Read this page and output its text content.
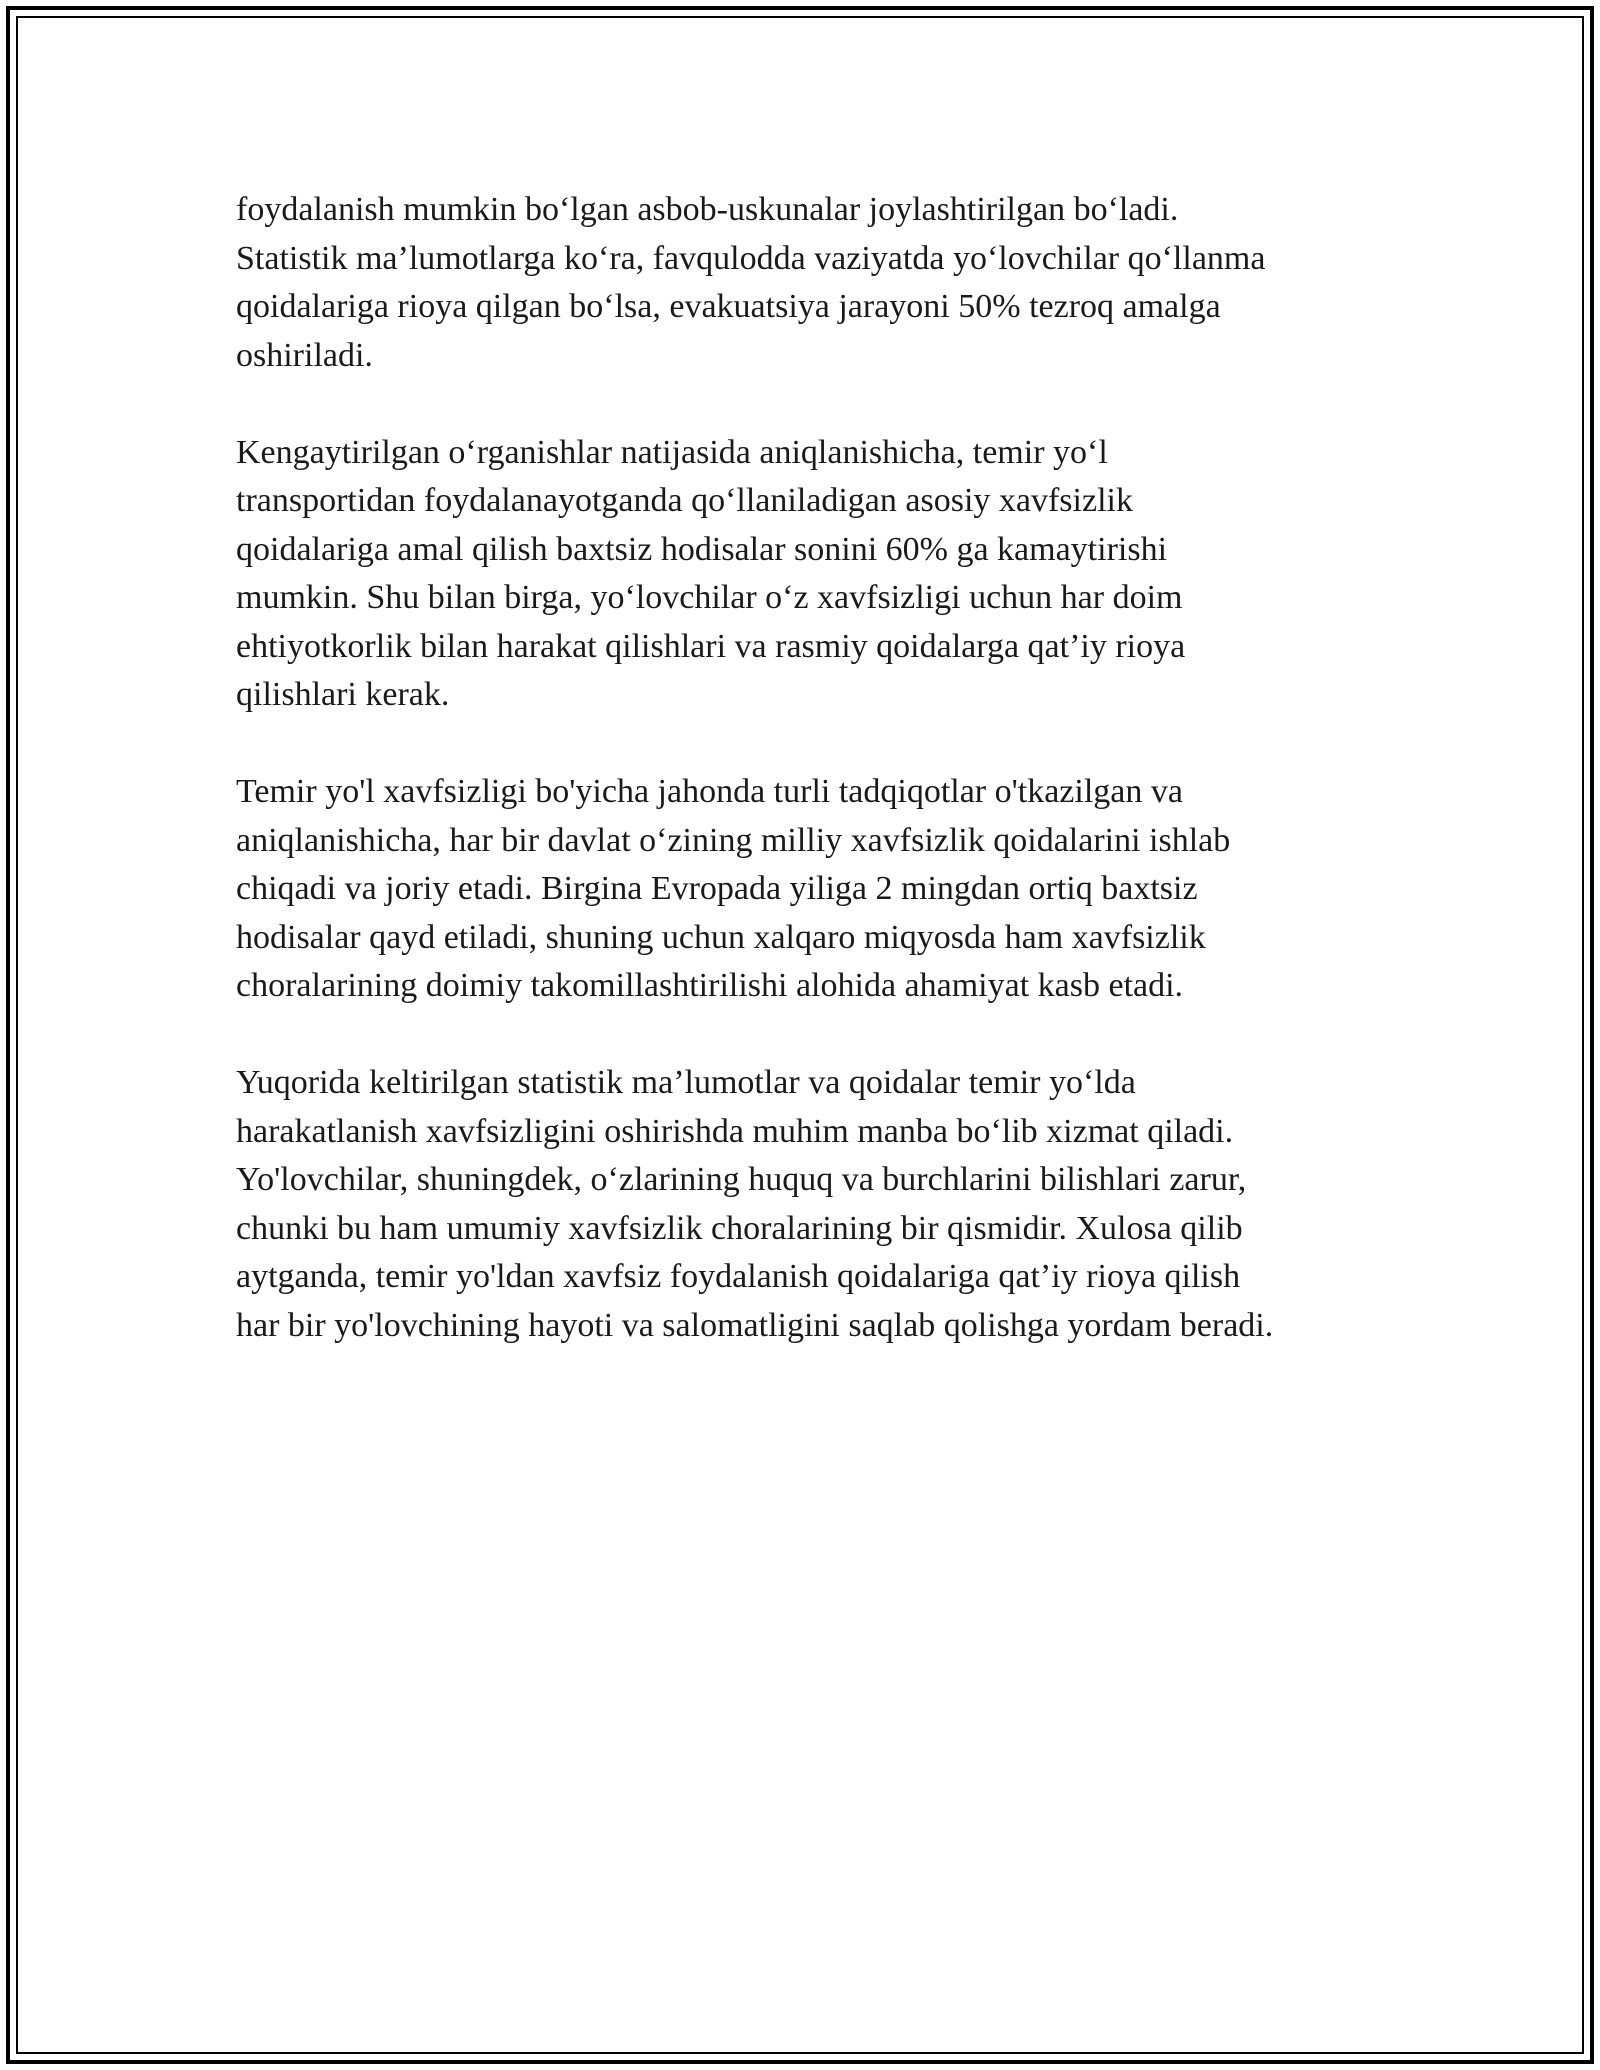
foydalanish mumkin bo‘lgan asbob-uskunalar joylashtirilgan bo‘ladi.
Statistik ma’lumotlarga ko‘ra, favqulodda vaziyatda yo‘lovchilar qo‘llanma
qoidalariga rioya qilgan bo‘lsa, evakuatsiya jarayoni 50% tezroq amalga
oshiriladi.

Kengaytirilgan o‘rganishlar natijasida aniqlanishicha, temir yo‘l
transportidan foydalanayotganda qo‘llaniladigan asosiy xavfsizlik
qoidalariga amal qilish baxtsiz hodisalar sonini 60% ga kamaytirishi
mumkin. Shu bilan birga, yo‘lovchilar o‘z xavfsizligi uchun har doim
ehtiyotkorlik bilan harakat qilishlari va rasmiy qoidalarga qat’iy rioya
qilishlari kerak.

Temir yo'l xavfsizligi bo'yicha jahonda turli tadqiqotlar o'tkazilgan va
aniqlanishicha, har bir davlat o‘zining milliy xavfsizlik qoidalarini ishlab
chiqadi va joriy etadi. Birgina Evropada yiliga 2 mingdan ortiq baxtsiz
hodisalar qayd etiladi, shuning uchun xalqaro miqyosda ham xavfsizlik
choralarining doimiy takomillashtirilishi alohida ahamiyat kasb etadi.

Yuqorida keltirilgan statistik ma’lumotlar va qoidalar temir yo‘lda
harakatlanish xavfsizligini oshirishda muhim manba bo‘lib xizmat qiladi.
Yo'lovchilar, shuningdek, o‘zlarining huquq va burchlarini bilishlari zarur,
chunki bu ham umumiy xavfsizlik choralarining bir qismidir. Xulosa qilib
aytganda, temir yo'ldan xavfsiz foydalanish qoidalariga qat’iy rioya qilish
har bir yo'lovchining hayoti va salomatligini saqlab qolishga yordam beradi.
